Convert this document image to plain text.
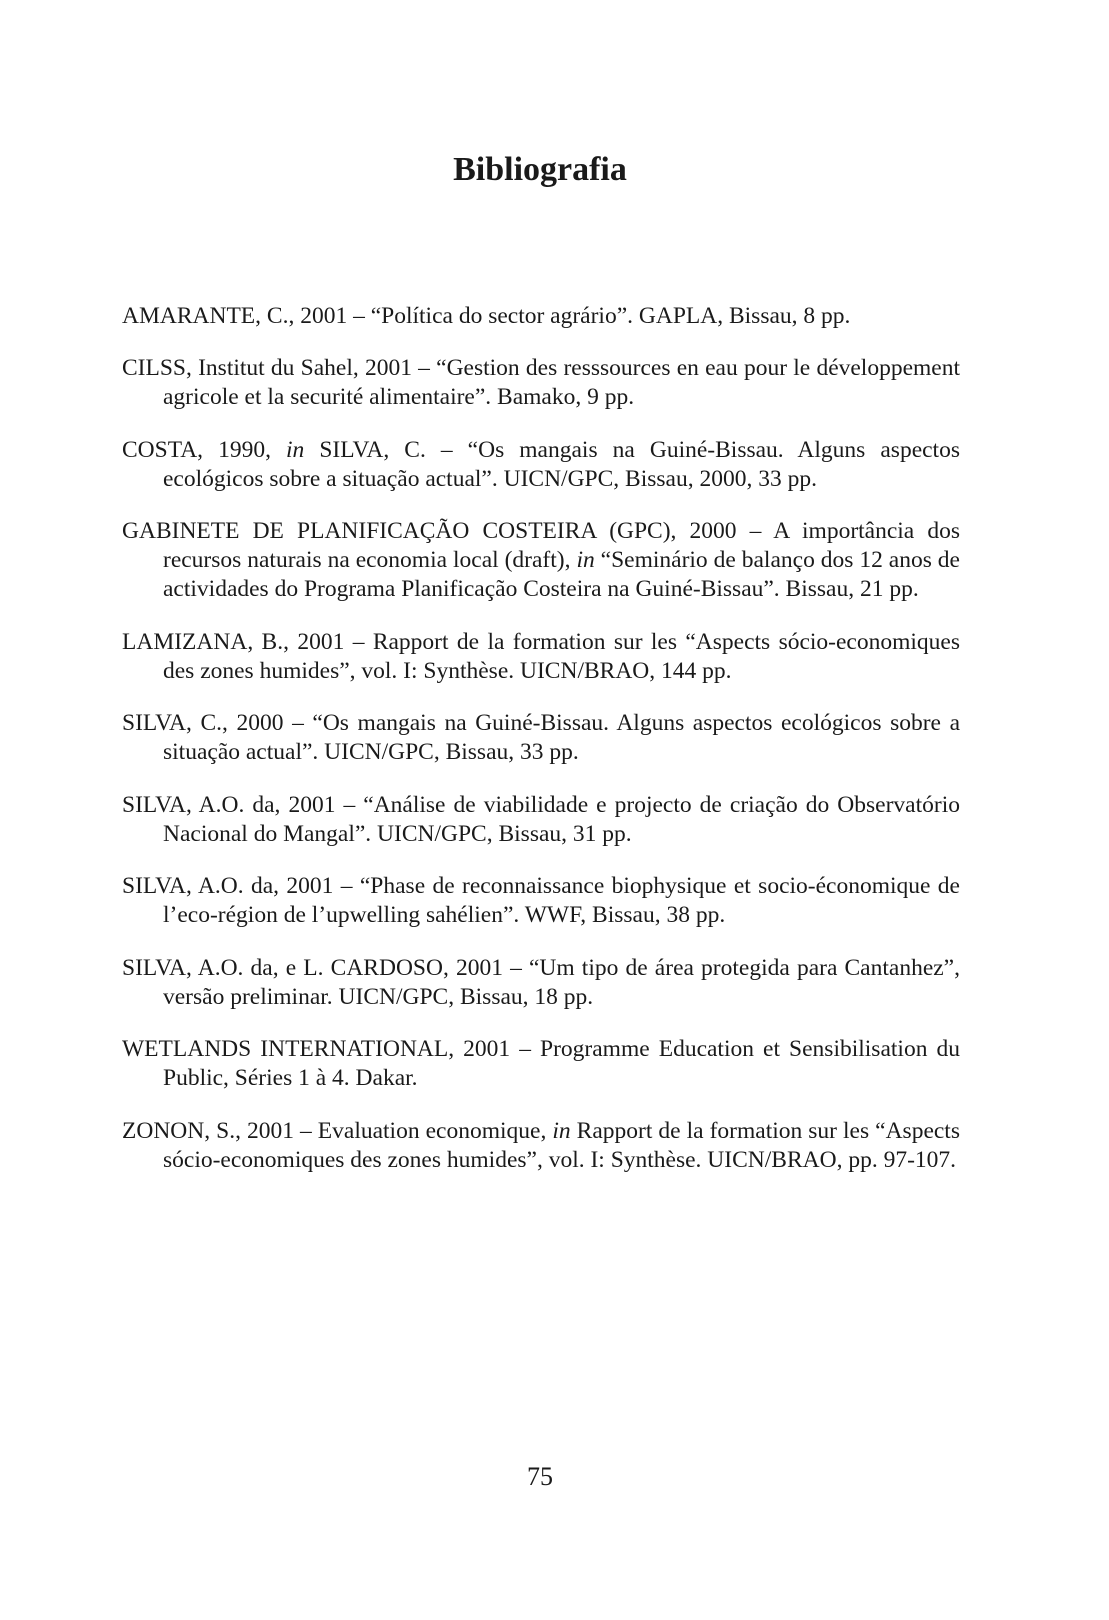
Bibliografia

AMARANTE, C., 2001 – “Política do sector agrário”. GAPLA, Bissau, 8 pp.

CILSS, Institut du Sahel, 2001 – “Gestion des resssources en eau pour le développement agricole et la securité alimentaire”. Bamako, 9 pp.

COSTA, 1990, in SILVA, C. – “Os mangais na Guiné-Bissau. Alguns aspectos ecológicos sobre a situação actual”. UICN/GPC, Bissau, 2000, 33 pp.

GABINETE DE PLANIFICAÇÃO COSTEIRA (GPC), 2000 – A importância dos recursos naturais na economia local (draft), in “Seminário de balanço dos 12 anos de actividades do Programa Planificação Costeira na Guiné-Bissau”. Bissau, 21 pp.

LAMIZANA, B., 2001 – Rapport de la formation sur les “Aspects sócio-economiques des zones humides”, vol. I: Synthèse. UICN/BRAO, 144 pp.

SILVA, C., 2000 – “Os mangais na Guiné-Bissau. Alguns aspectos ecológicos sobre a situação actual”. UICN/GPC, Bissau, 33 pp.

SILVA, A.O. da, 2001 – “Análise de viabilidade e projecto de criação do Observatório Nacional do Mangal”. UICN/GPC, Bissau, 31 pp.

SILVA, A.O. da, 2001 – “Phase de reconnaissance biophysique et socio-économique de l’eco-région de l’upwelling sahélien”. WWF, Bissau, 38 pp.

SILVA, A.O. da, e L. CARDOSO, 2001 – “Um tipo de área protegida para Cantanhez”, versão preliminar. UICN/GPC, Bissau, 18 pp.

WETLANDS INTERNATIONAL, 2001 – Programme Education et Sensibilisation du Public, Séries 1 à 4. Dakar.

ZONON, S., 2001 – Evaluation economique, in Rapport de la formation sur les “Aspects sócio-economiques des zones humides”, vol. I: Synthèse. UICN/BRAO, pp. 97-107.

75
